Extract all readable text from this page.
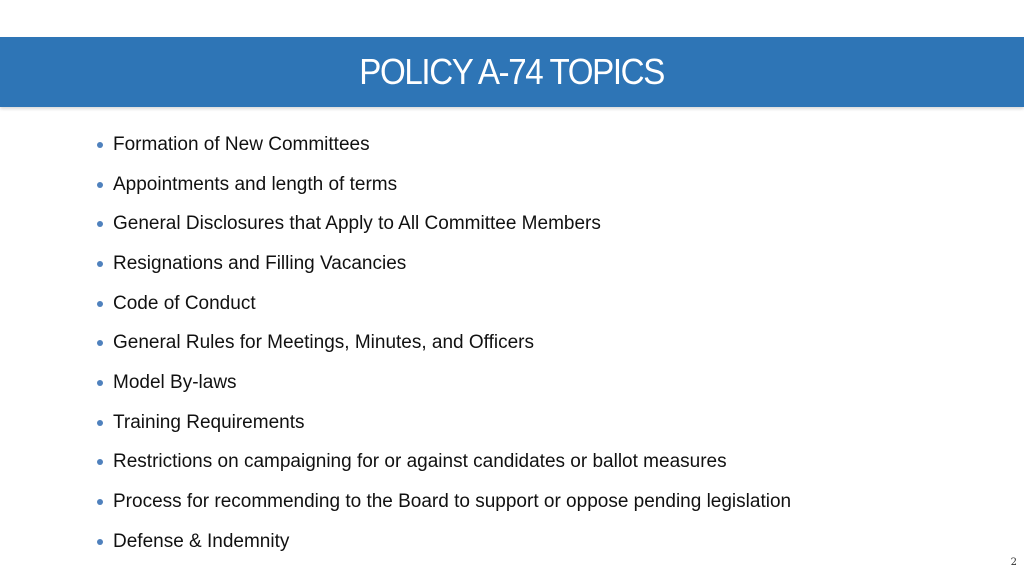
POLICY A-74 TOPICS
Formation of New Committees
Appointments and length of terms
General Disclosures that Apply to All Committee Members
Resignations and Filling Vacancies
Code of Conduct
General Rules for Meetings, Minutes, and Officers
Model By-laws
Training Requirements
Restrictions on campaigning for or against candidates or ballot measures
Process for recommending to the Board to support or oppose pending legislation
Defense & Indemnity
2
